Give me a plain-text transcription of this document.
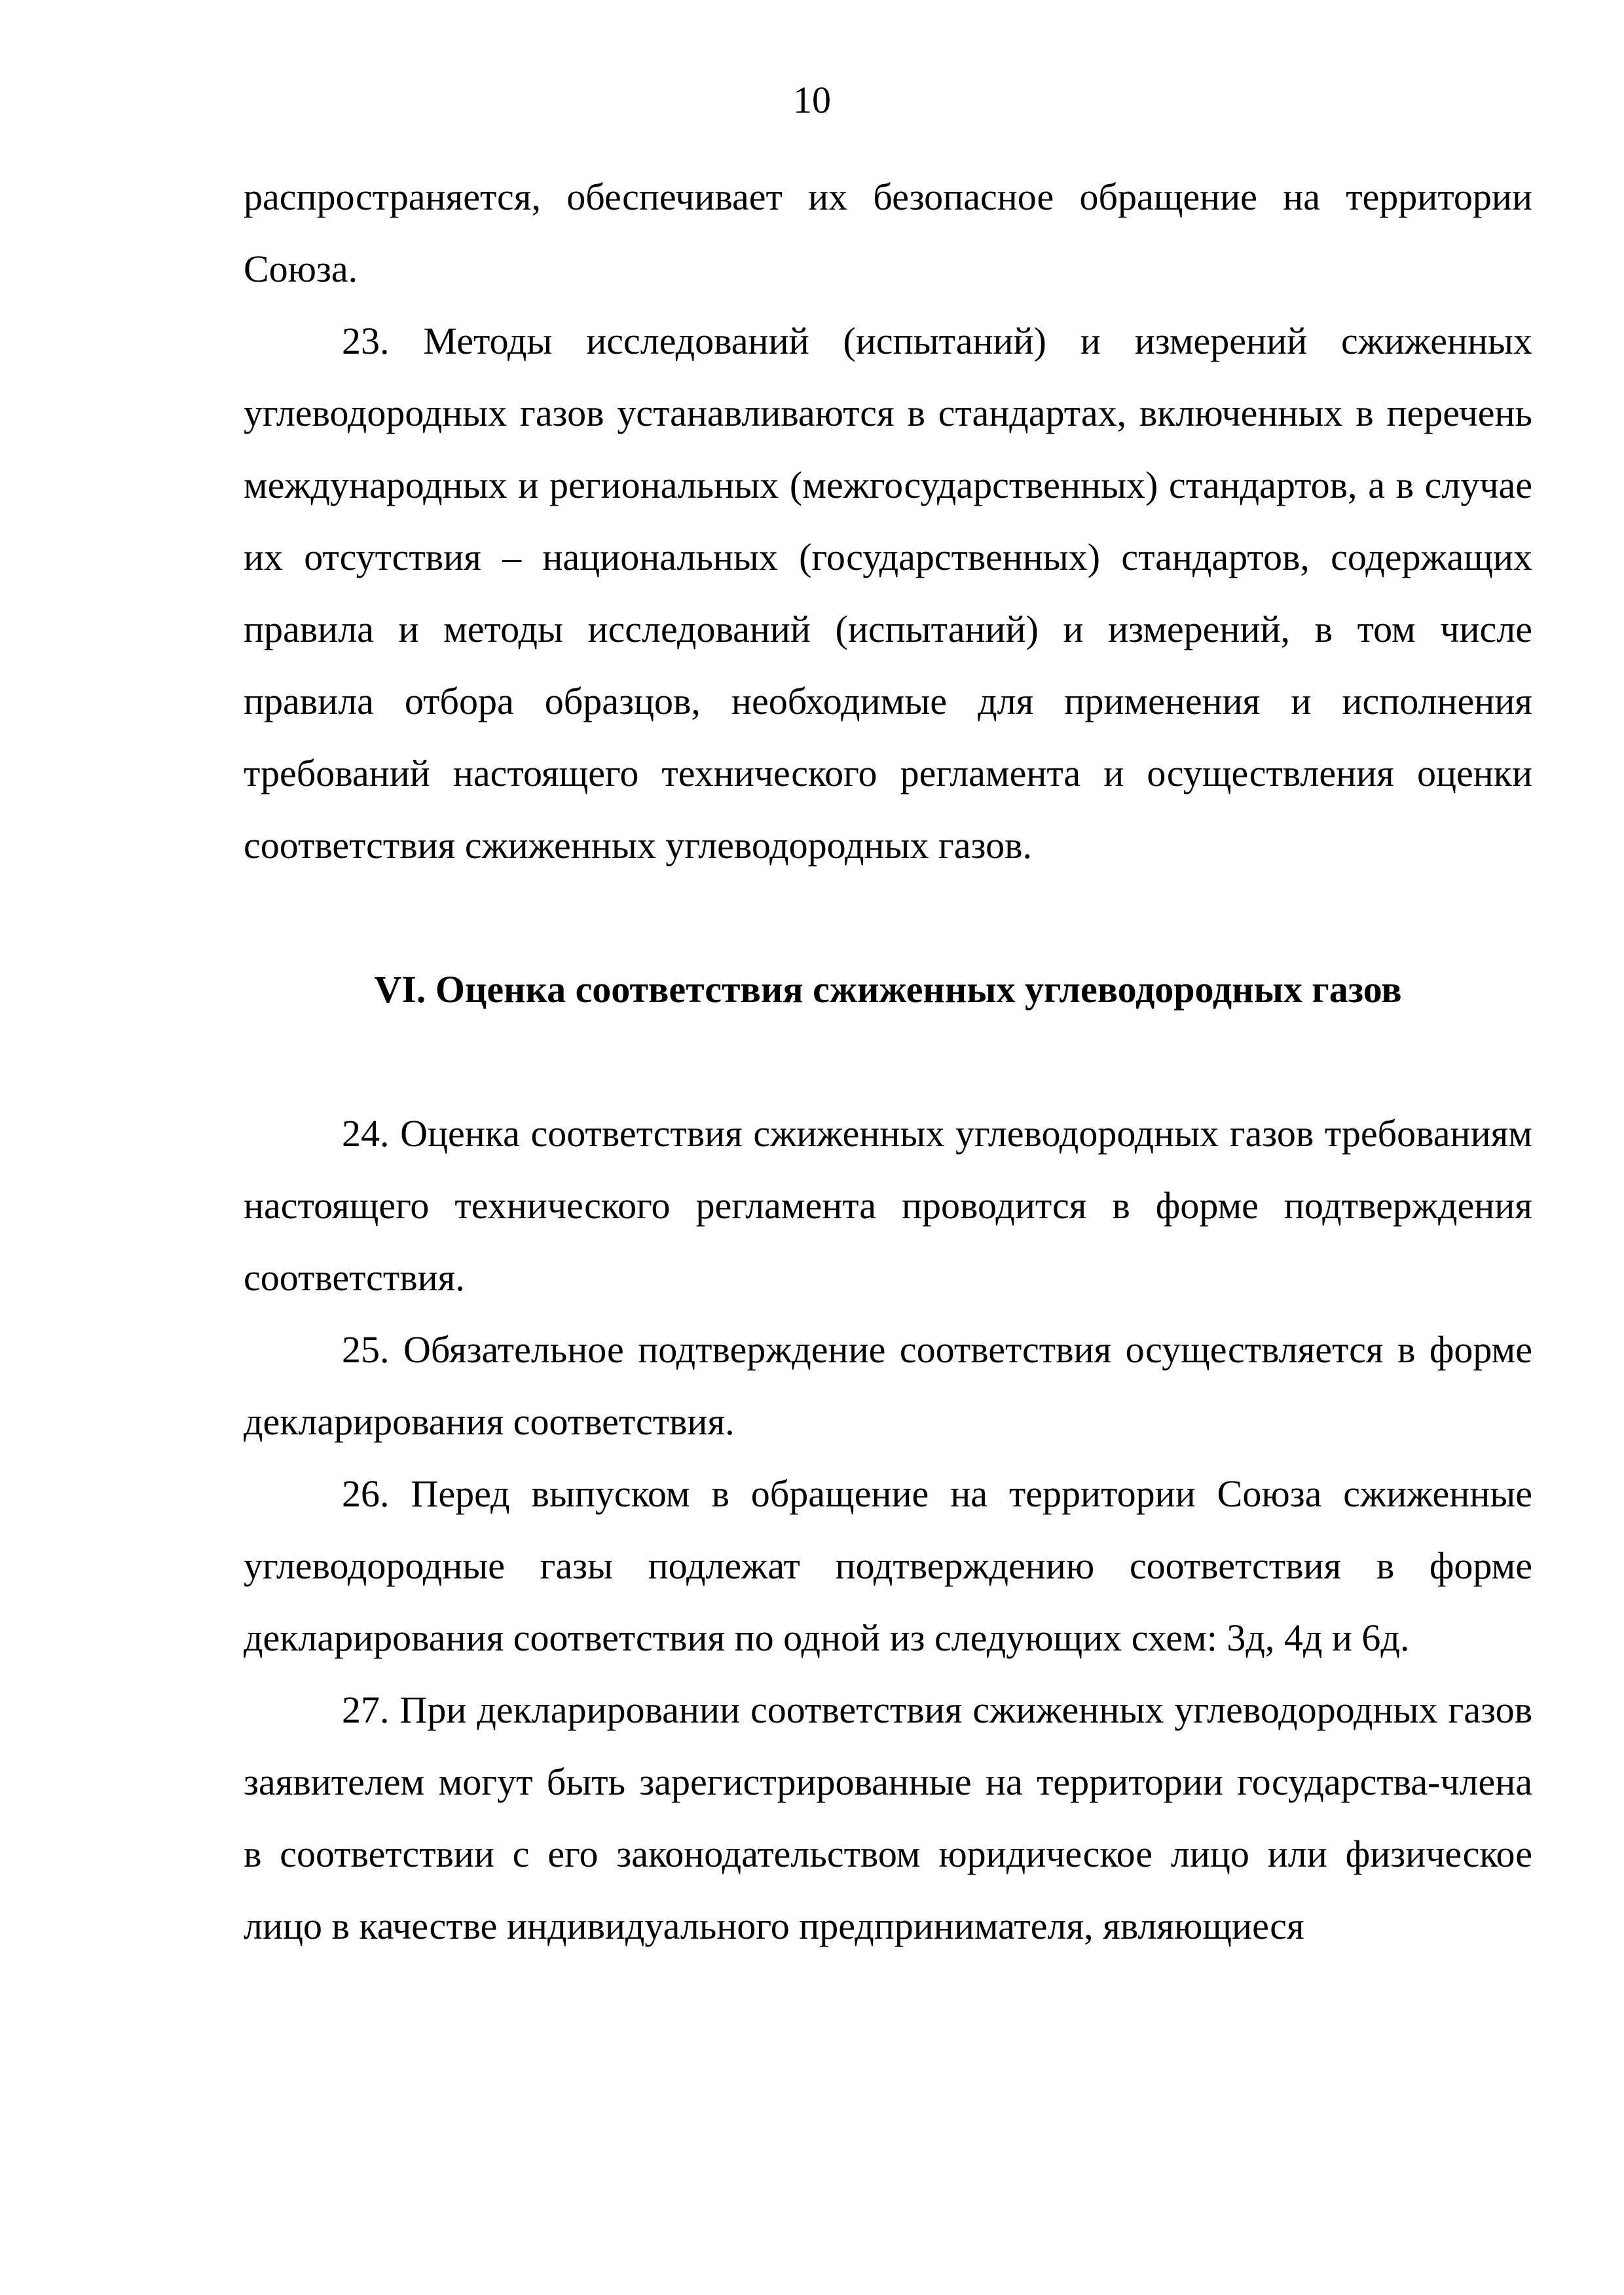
10

распространяется, обеспечивает их безопасное обращение на территории Союза.

23. Методы исследований (испытаний) и измерений сжиженных углеводородных газов устанавливаются в стандартах, включенных в перечень международных и региональных (межгосударственных) стандартов, а в случае их отсутствия – национальных (государственных) стандартов, содержащих правила и методы исследований (испытаний) и измерений, в том числе правила отбора образцов, необходимые для применения и исполнения требований настоящего технического регламента и осуществления оценки соответствия сжиженных углеводородных газов.

VI. Оценка соответствия сжиженных углеводородных газов

24. Оценка соответствия сжиженных углеводородных газов требованиям настоящего технического регламента проводится в форме подтверждения соответствия.

25. Обязательное подтверждение соответствия осуществляется в форме декларирования соответствия.

26. Перед выпуском в обращение на территории Союза сжиженные углеводородные газы подлежат подтверждению соответствия в форме декларирования соответствия по одной из следующих схем: 3д, 4д и 6д.

27. При декларировании соответствия сжиженных углеводородных газов заявителем могут быть зарегистрированные на территории государства-члена в соответствии с его законодательством юридическое лицо или физическое лицо в качестве индивидуального предпринимателя, являющиеся
